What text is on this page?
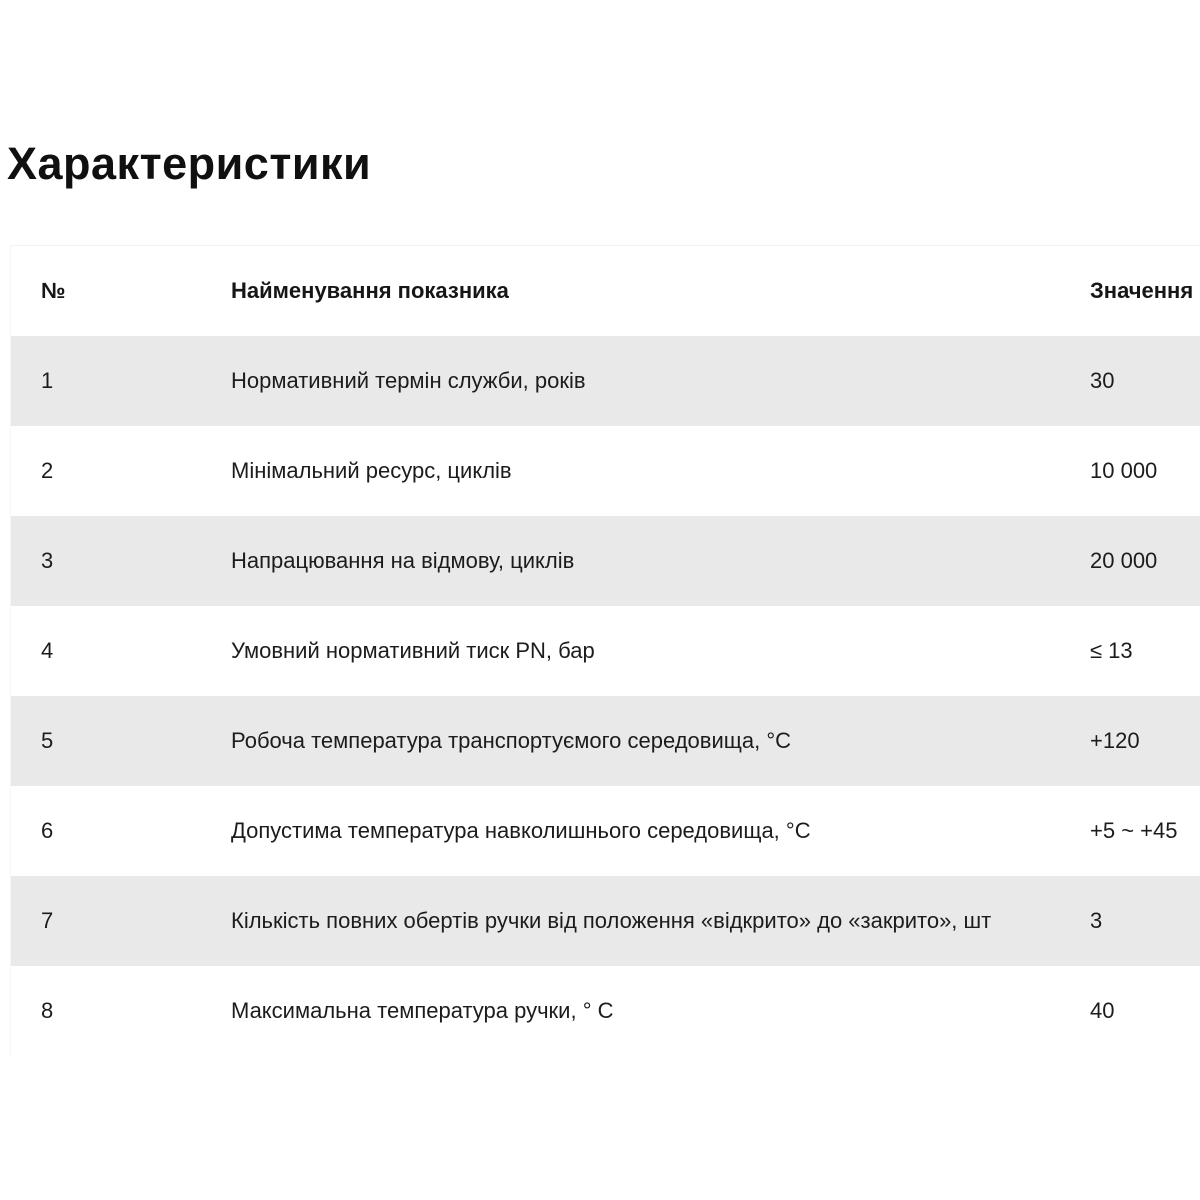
Характеристики
№	Найменування показника	Значення
1	Нормативний термін служби, років	30
2	Мінімальний ресурс, циклів	10 000
3	Напрацювання на відмову, циклів	20 000
4	Умовний нормативний тиск PN, бар	≤ 13
5	Робоча температура транспортуємого середовища, °С	+120
6	Допустима температура навколишнього середовища, °С	+5 ~ +45
7	Кількість повних обертів ручки від положення «відкрито» до «закрито», шт	3
8	Максимальна температура ручки, ° С	40
